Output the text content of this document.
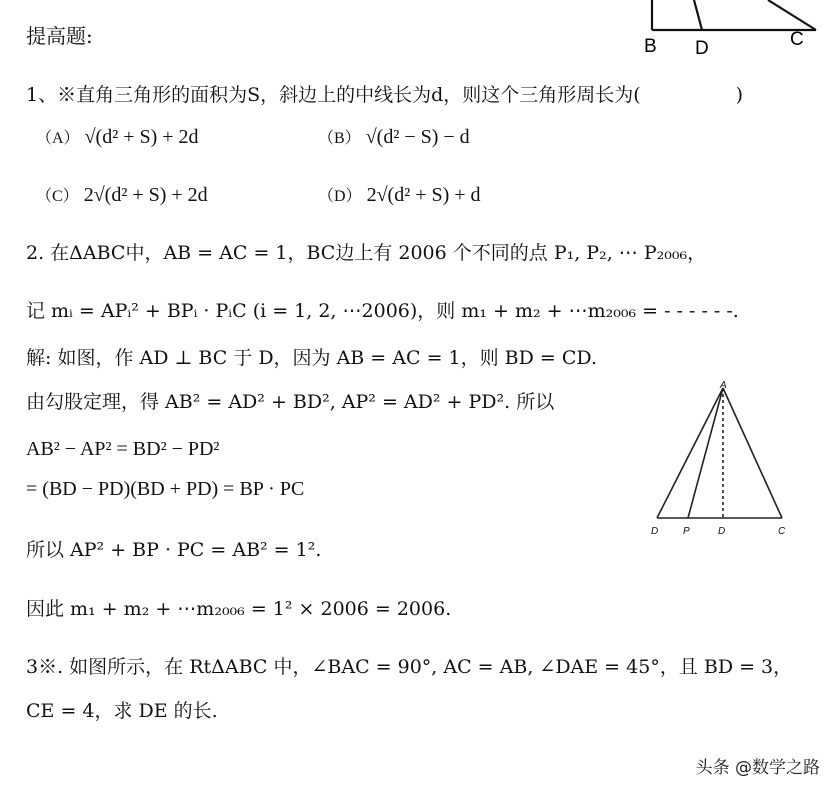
提高题:	B D	C
1、※直角三角形的面积为S，斜边上的中线长为d，则这个三角形周长为(　　　　　)
（A） √(d² + S) + 2d	（B） √(d² − S) − d
（C） 2√(d² + S) + 2d	（D） 2√(d² + S) + d
2. 在ΔABC中，AB = AC = 1，BC边上有 2006 个不同的点 P₁, P₂, ⋯ P₂₀₀₆，
记 mᵢ = APᵢ² + BPᵢ · PᵢC (i = 1, 2, ⋯2006)，则 m₁ + m₂ + ⋯m₂₀₀₆ = - - - - - -.
解: 如图，作 AD ⊥ BC 于 D，因为 AB = AC = 1，则 BD = CD.
由勾股定理，得 AB² = AD² + BD², AP² = AD² + PD². 所以
AB² − AP² = BD² − PD²
= (BD − PD)(BD + PD) = BP · PC
所以 AP² + BP · PC = AB² = 1².
因此 m₁ + m₂ + ⋯m₂₀₀₆ = 1² × 2006 = 2006.
A
D P	D	C
3※. 如图所示，在 RtΔABC 中，∠BAC = 90°, AC = AB, ∠DAE = 45°，且 BD = 3，
CE = 4，求 DE 的长.
头条 @数学之路
